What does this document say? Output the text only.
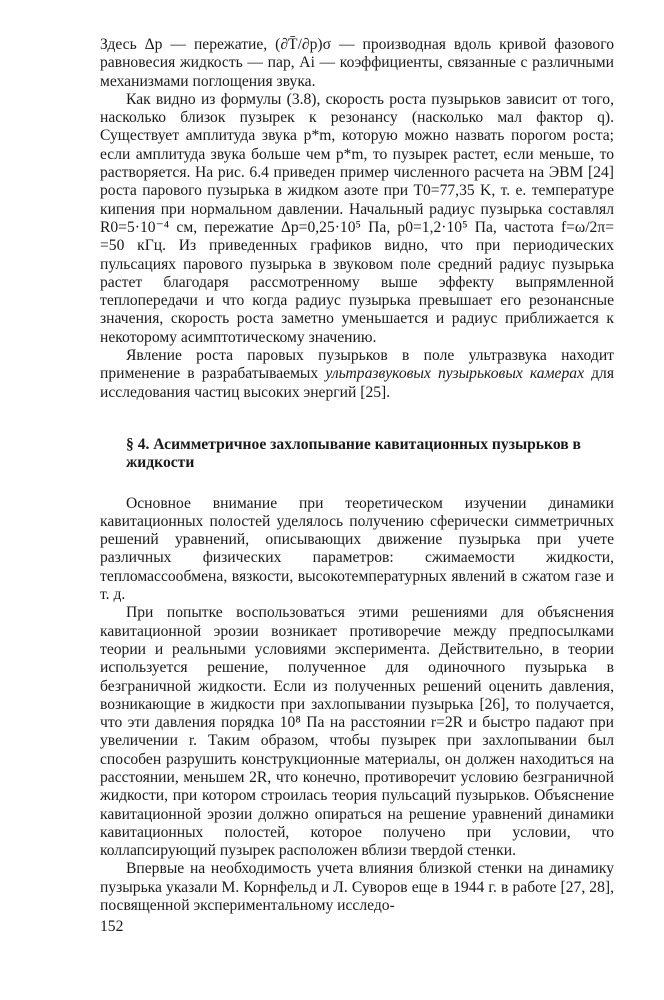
Здесь Δp — пережатие, (∂T̄/∂p)σ — производная вдоль кривой фазового равновесия жидкость — пар, Ai — коэффициенты, связанные с различными механизмами поглощения звука.

Как видно из формулы (3.8), скорость роста пузырьков зависит от того, насколько близок пузырек к резонансу (насколько мал фактор q). Существует амплитуда звука p*m, которую можно назвать порогом роста; если амплитуда звука больше чем p*m, то пузырек растет, если меньше, то растворяется. На рис. 6.4 приведен пример численного расчета на ЭВМ [24] роста парового пузырька в жидком азоте при T0=77,35 K, т. е. температуре кипения при нормальном давлении. Начальный радиус пузырька составлял R0=5·10⁻⁴ см, пережатие Δp=0,25·10⁵ Па, p0=1,2·10⁵ Па, частота f=ω/2π= =50 кГц. Из приведенных графиков видно, что при периодических пульсациях парового пузырька в звуковом поле средний радиус пузырька растет благодаря рассмотренному выше эффекту выпрямленной теплопередачи и что когда радиус пузырька превышает его резонансные значения, скорость роста заметно уменьшается и радиус приближается к некоторому асимптотическому значению.

Явление роста паровых пузырьков в поле ультразвука находит применение в разрабатываемых ультразвуковых пузырьковых камерах для исследования частиц высоких энергий [25].

§ 4. Асимметричное захлопывание кавитационных пузырьков в жидкости

Основное внимание при теоретическом изучении динамики кавитационных полостей уделялось получению сферически симметричных решений уравнений, описывающих движение пузырька при учете различных физических параметров: сжимаемости жидкости, тепломассообмена, вязкости, высокотемпературных явлений в сжатом газе и т. д.

При попытке воспользоваться этими решениями для объяснения кавитационной эрозии возникает противоречие между предпосылками теории и реальными условиями эксперимента. Действительно, в теории используется решение, полученное для одиночного пузырька в безграничной жидкости. Если из полученных решений оценить давления, возникающие в жидкости при захлопывании пузырька [26], то получается, что эти давления порядка 10⁸ Па на расстоянии r=2R и быстро падают при увеличении r. Таким образом, чтобы пузырек при захлопывании был способен разрушить конструкционные материалы, он должен находиться на расстоянии, меньшем 2R, что конечно, противоречит условию безграничной жидкости, при котором строилась теория пульсаций пузырьков. Объяснение кавитационной эрозии должно опираться на решение уравнений динамики кавитационных полостей, которое получено при условии, что коллапсирующий пузырек расположен вблизи твердой стенки.

Впервые на необходимость учета влияния близкой стенки на динамику пузырька указали М. Корнфельд и Л. Суворов еще в 1944 г. в работе [27, 28], посвященной экспериментальному исследо-

152
